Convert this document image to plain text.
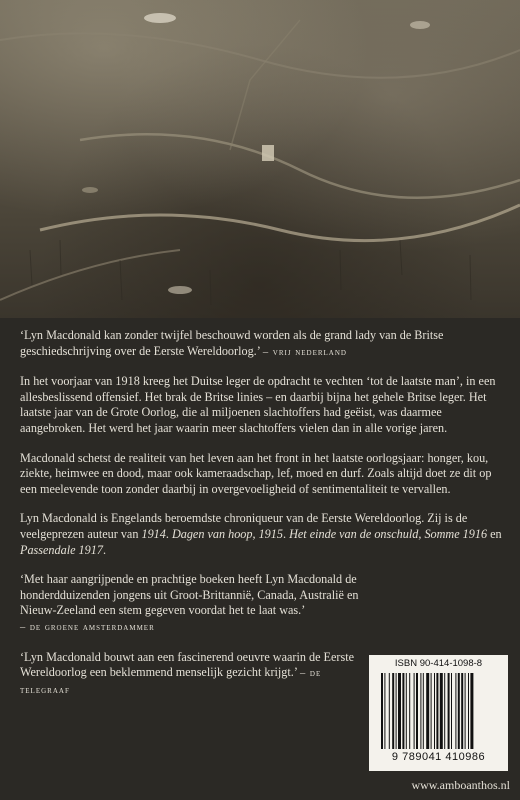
‘Lyn Macdonald kan zonder twijfel beschouwd worden als de grand lady van de Britse geschiedschrijving over de Eerste Wereldoorlog.’ – vrij nederland

In het voorjaar van 1918 kreeg het Duitse leger de opdracht te vechten ‘tot de laatste man’, in een allesbeslissend offensief. Het brak de Britse linies – en daarbij bijna het gehele Britse leger. Het laatste jaar van de Grote Oorlog, die al miljoenen slachtoffers had geëist, was daarmee aangebroken. Het werd het jaar waarin meer slachtoffers vielen dan in alle vorige jaren.

Macdonald schetst de realiteit van het leven aan het front in het laatste oorlogsjaar: honger, kou, ziekte, heimwee en dood, maar ook kameraadschap, lef, moed en durf. Zoals altijd doet ze dit op een meelevende toon zonder daarbij in overgevoeligheid of sentimentaliteit te vervallen.

Lyn Macdonald is Engelands beroemdste chroniqueur van de Eerste Wereldoorlog. Zij is de veelgeprezen auteur van 1914. Dagen van hoop, 1915. Het einde van de onschuld, Somme 1916 en Passendale 1917.

‘Met haar aangrijpende en prachtige boeken heeft Lyn Macdonald de honderdduizenden jongens uit Groot-Brittannië, Canada, Australië en Nieuw-Zeeland een stem gegeven voordat het te laat was.’
– de groene amsterdammer

‘Lyn Macdonald bouwt aan een fascinerend oeuvre waarin de Eerste Wereldoorlog een beklemmend menselijk gezicht krijgt.’ – de telegraaf

ISBN 90-414-1098-8
9 789041 410986
www.amboanthos.nl
